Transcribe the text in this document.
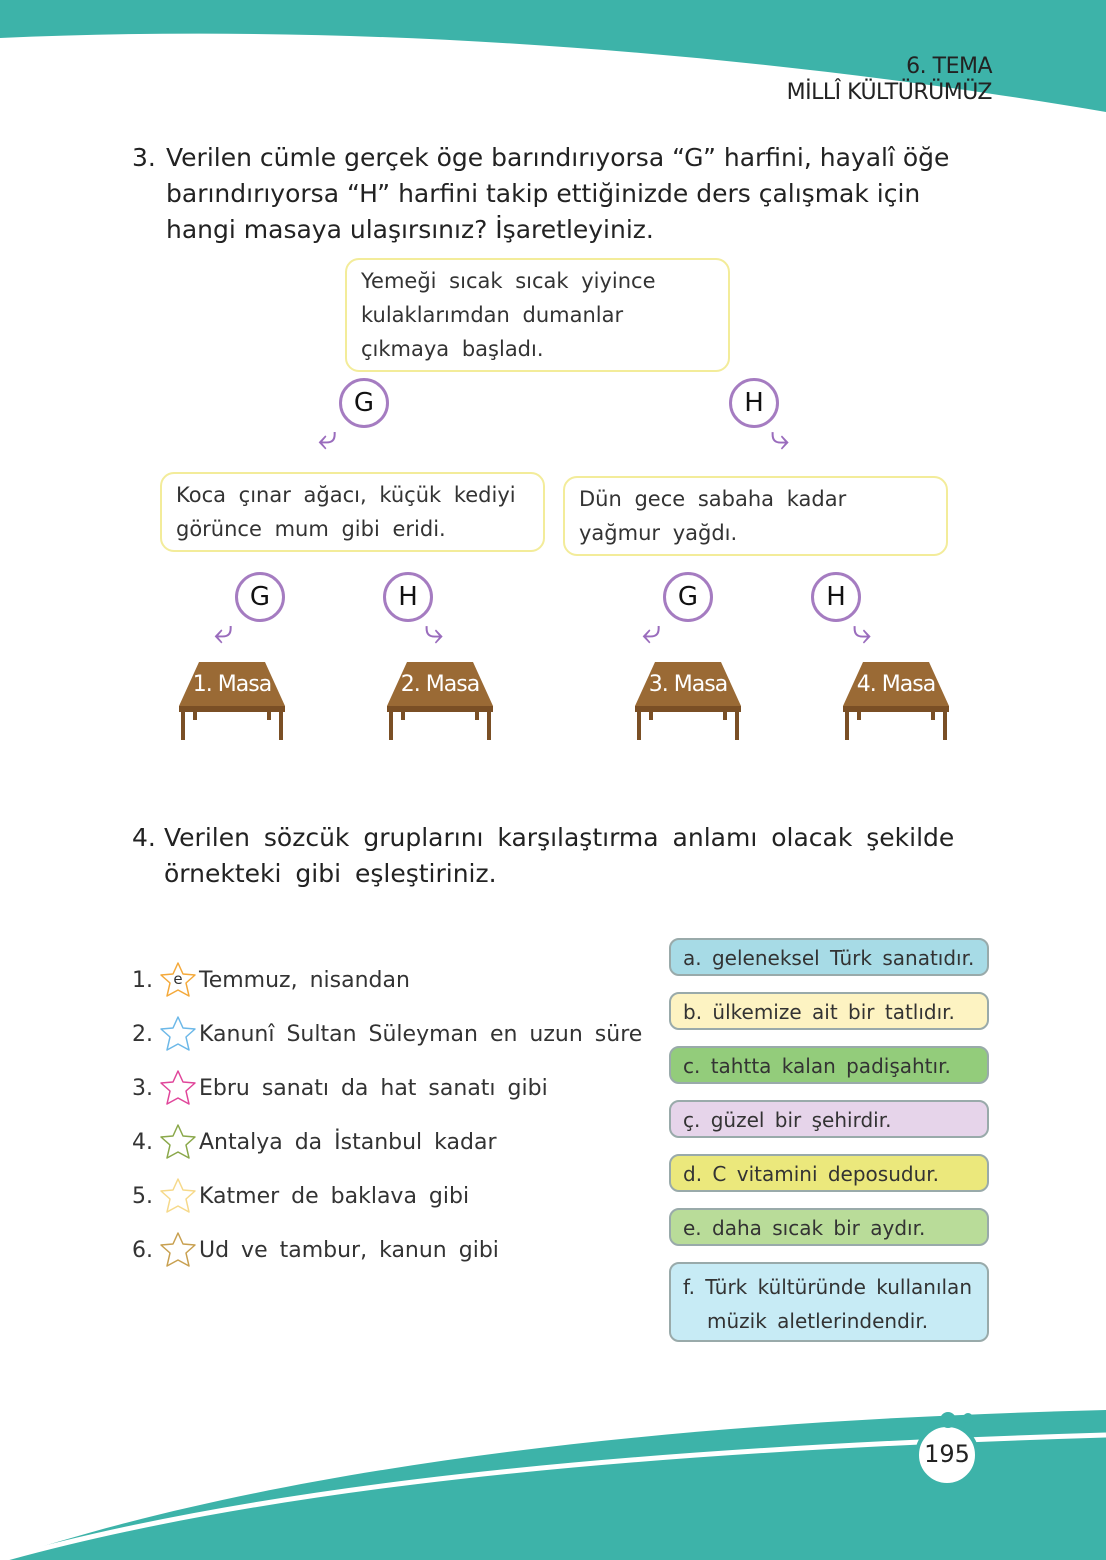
195
6. TEMA
MİLLÎ KÜLTÜRÜMÜZ
3. Verilen cümle gerçek öge barındırıyorsa “G” harfini, hayalî öğe barındırıyorsa “H” harfini takip ettiğinizde ders çalışmak için hangi masaya ulaşırsınız? İşaretleyiniz.
Yemeği sıcak sıcak yiyince kulaklarımdan dumanlar çıkmaya başladı.
Koca çınar ağacı, küçük kediyi görünce mum gibi eridi.
Dün gece sabaha kadar yağmur yağdı.
G
⤶
H
⤷
G
⤶
H
⤷
G
⤶
H
⤷
1. Masa	2. Masa	3. Masa	4. Masa
4. Verilen sözcük gruplarını karşılaştırma anlamı olacak şekilde örnekteki gibi eşleştiriniz.
1.	e Temmuz, nisandan
2. Kanunî Sultan Süleyman en uzun süre
3. Ebru sanatı da hat sanatı gibi
4. Antalya da İstanbul kadar
5. Katmer de baklava gibi
6. Ud ve tambur, kanun gibi
a. geleneksel Türk sanatıdır.
b. ülkemize ait bir tatlıdır.
c. tahtta kalan padişahtır.
ç. güzel bir şehirdir.
d. C vitamini deposudur.
e. daha sıcak bir aydır.
f. Türk kültüründe kullanılan müzik aletlerindendir.
